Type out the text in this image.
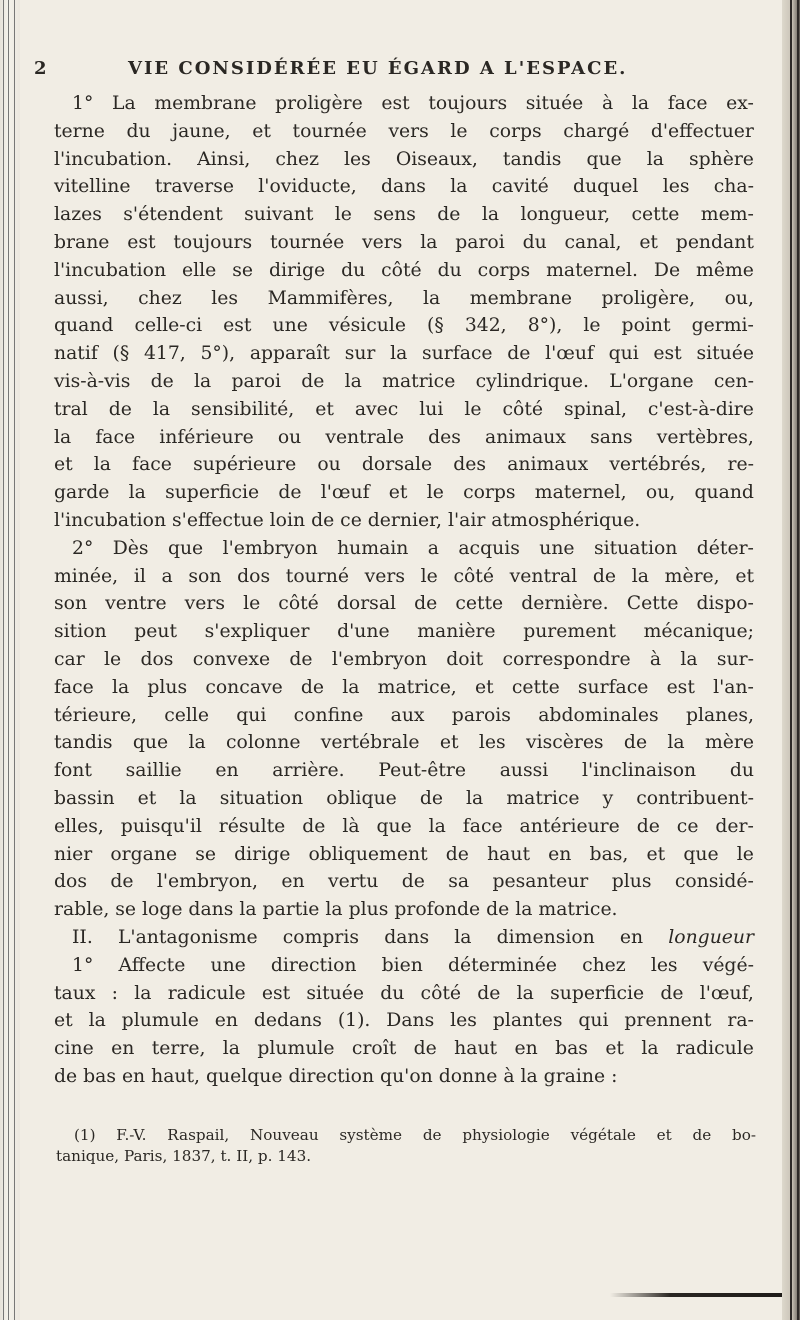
2	VIE CONSIDÉRÉE EU ÉGARD A L'ESPACE.
1° La membrane proligère est toujours située à la face ex-
terne du jaune, et tournée vers le corps chargé d'effectuer
l'incubation. Ainsi, chez les Oiseaux, tandis que la sphère
vitelline traverse l'oviducte, dans la cavité duquel les cha-
lazes s'étendent suivant le sens de la longueur, cette mem-
brane est toujours tournée vers la paroi du canal, et pendant
l'incubation elle se dirige du côté du corps maternel. De même
aussi, chez les Mammifères, la membrane proligère, ou,
quand celle-ci est une vésicule (§ 342, 8°), le point germi-
natif (§ 417, 5°), apparaît sur la surface de l'œuf qui est située
vis-à-vis de la paroi de la matrice cylindrique. L'organe cen-
tral de la sensibilité, et avec lui le côté spinal, c'est-à-dire
la face inférieure ou ventrale des animaux sans vertèbres,
et la face supérieure ou dorsale des animaux vertébrés, re-
garde la superficie de l'œuf et le corps maternel, ou, quand
l'incubation s'effectue loin de ce dernier, l'air atmosphérique.
2° Dès que l'embryon humain a acquis une situation déter-
minée, il a son dos tourné vers le côté ventral de la mère, et
son ventre vers le côté dorsal de cette dernière. Cette dispo-
sition peut s'expliquer d'une manière purement mécanique;
car le dos convexe de l'embryon doit correspondre à la sur-
face la plus concave de la matrice, et cette surface est l'an-
térieure, celle qui confine aux parois abdominales planes,
tandis que la colonne vertébrale et les viscères de la mère
font saillie en arrière. Peut-être aussi l'inclinaison du
bassin et la situation oblique de la matrice y contribuent-
elles, puisqu'il résulte de là que la face antérieure de ce der-
nier organe se dirige obliquement de haut en bas, et que le
dos de l'embryon, en vertu de sa pesanteur plus considé-
rable, se loge dans la partie la plus profonde de la matrice.
II. L'antagonisme compris dans la dimension en longueur
1° Affecte une direction bien déterminée chez les végé-
taux : la radicule est située du côté de la superficie de l'œuf,
et la plumule en dedans (1). Dans les plantes qui prennent ra-
cine en terre, la plumule croît de haut en bas et la radicule
de bas en haut, quelque direction qu'on donne à la graine :
(1) F.-V. Raspail, Nouveau système de physiologie végétale et de bo-
tanique, Paris, 1837, t. II, p. 143.
